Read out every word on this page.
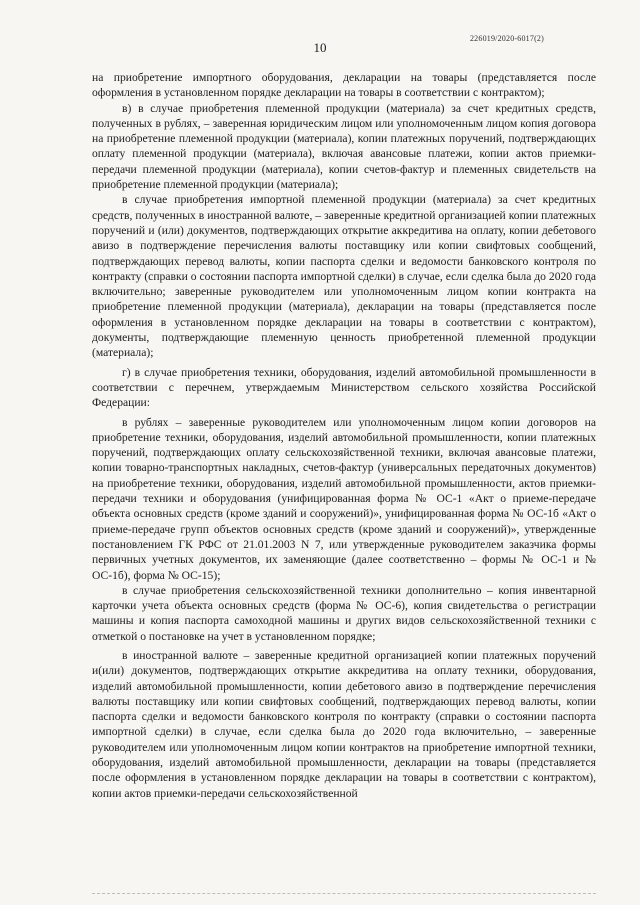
226019/2020-6017(2)
10

на приобретение импортного оборудования, декларации на товары (представляется после оформления в установленном порядке декларации на товары в соответствии с контрактом);

в) в случае приобретения племенной продукции (материала) за счет кредитных средств, полученных в рублях, – заверенная юридическим лицом или уполномоченным лицом копия договора на приобретение племенной продукции (материала), копии платежных поручений, подтверждающих оплату племенной продукции (материала), включая авансовые платежи, копии актов приемки-передачи племенной продукции (материала), копии счетов-фактур и племенных свидетельств на приобретение племенной продукции (материала);

в случае приобретения импортной племенной продукции (материала) за счет кредитных средств, полученных в иностранной валюте, – заверенные кредитной организацией копии платежных поручений и (или) документов, подтверждающих открытие аккредитива на оплату, копии дебетового авизо в подтверждение перечисления валюты поставщику или копии свифтовых сообщений, подтверждающих перевод валюты, копии паспорта сделки и ведомости банковского контроля по контракту (справки о состоянии паспорта импортной сделки) в случае, если сделка была до 2020 года включительно; заверенные руководителем или уполномоченным лицом копии контракта на приобретение племенной продукции (материала), декларации на товары (представляется после оформления в установленном порядке декларации на товары в соответствии с контрактом), документы, подтверждающие племенную ценность приобретенной племенной продукции (материала);

г) в случае приобретения техники, оборудования, изделий автомобильной промышленности в соответствии с перечнем, утверждаемым Министерством сельского хозяйства Российской Федерации:

в рублях – заверенные руководителем или уполномоченным лицом копии договоров на приобретение техники, оборудования, изделий автомобильной промышленности, копии платежных поручений, подтверждающих оплату сельскохозяйственной техники, включая авансовые платежи, копии товарно-транспортных накладных, счетов-фактур (универсальных передаточных документов) на приобретение техники, оборудования, изделий автомобильной промышленности, актов приемки-передачи техники и оборудования (унифицированная форма № ОС-1 «Акт о приеме-передаче объекта основных средств (кроме зданий и сооружений)», унифицированная форма № ОС-1б «Акт о приеме-передаче групп объектов основных средств (кроме зданий и сооружений)», утвержденные постановлением ГК РФС от 21.01.2003 N 7, или утвержденные руководителем заказчика формы первичных учетных документов, их заменяющие (далее соответственно – формы № ОС-1 и № ОС-1б), форма № ОС-15);

в случае приобретения сельскохозяйственной техники дополнительно – копия инвентарной карточки учета объекта основных средств (форма № ОС-6), копия свидетельства о регистрации машины и копия паспорта самоходной машины и других видов сельскохозяйственной техники с отметкой о постановке на учет в установленном порядке;

в иностранной валюте – заверенные кредитной организацией копии платежных поручений и(или) документов, подтверждающих открытие аккредитива на оплату техники, оборудования, изделий автомобильной промышленности, копии дебетового авизо в подтверждение перечисления валюты поставщику или копии свифтовых сообщений, подтверждающих перевод валюты, копии паспорта сделки и ведомости банковского контроля по контракту (справки о состоянии паспорта импортной сделки) в случае, если сделка была до 2020 года включительно, – заверенные руководителем или уполномоченным лицом копии контрактов на приобретение импортной техники, оборудования, изделий автомобильной промышленности, декларации на товары (представляется после оформления в установленном порядке декларации на товары в соответствии с контрактом), копии актов приемки-передачи сельскохозяйственной
